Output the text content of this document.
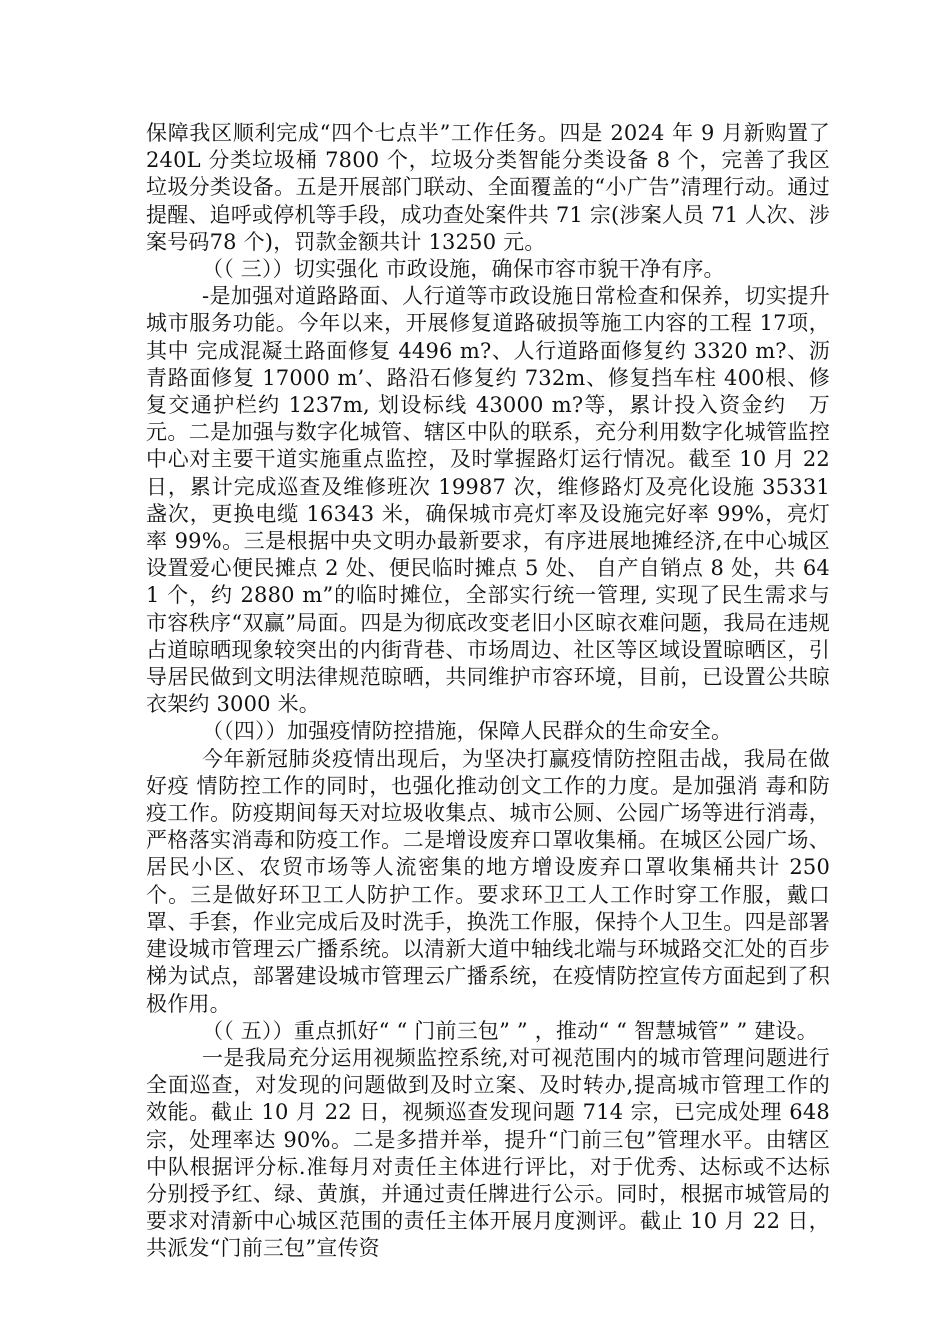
保障我区顺利完成“四个七点半”工作任务。四是 2024 年 9 月新购置了 240L 分类垃圾桶 7800 个，垃圾分类智能分类设备 8 个，完善了我区垃圾分类设备。五是开展部门联动、全面覆盖的“小广告”清理行动。通过提醒、追呼或停机等手段，成功查处案件共 71 宗(涉案人员 71 人次、涉案号码78 个)，罚款金额共计 13250 元。

（（ 三））切实强化 市政设施，确保市容市貌干净有序。

-是加强对道路路面、人行道等市政设施日常检查和保养，切实提升城市服务功能。今年以来，开展修复道路破损等施工内容的工程 17项，其中 完成混凝土路面修复 4496 m?、人行道路面修复约 3320 m?、沥青路面修复 17000 m’、路沿石修复约 732m、修复挡车柱 400根、修复交通护栏约 1237m, 划设标线 43000 m?等，累计投入资金约　万元。二是加强与数字化城管、辖区中队的联系，充分利用数字化城管监控中心对主要干道实施重点监控，及时掌握路灯运行情况。截至 10 月 22 日，累计完成巡查及维修班次 19987 次，维修路灯及亮化设施 35331 盏次，更换电缆 16343 米，确保城市亮灯率及设施完好率 99%，亮灯率 99%。三是根据中央文明办最新要求，有序进展地摊经济,在中心城区设置爱心便民摊点 2 处、便民临时摊点 5 处、 自产自销点 8 处，共 641 个，约 2880 m”的临时摊位，全部实行统一管理, 实现了民生需求与市容秩序“双赢”局面。四是为彻底改变老旧小区晾衣难问题，我局在违规占道晾晒现象较突出的内街背巷、市场周边、社区等区域设置晾晒区，引导居民做到文明法律规范晾晒，共同维护市容环境，目前，已设置公共晾衣架约 3000 米。

（（四））加强疫情防控措施，保障人民群众的生命安全。

今年新冠肺炎疫情出现后，为坚决打赢疫情防控阻击战，我局在做好疫 情防控工作的同时，也强化推动创文工作的力度。是加强消 毒和防疫工作。防疫期间每天对垃圾收集点、城市公厕、公园广场等进行消毒，严格落实消毒和防疫工作。二是增设废弃口罩收集桶。在城区公园广场、居民小区、农贸市场等人流密集的地方增设废弃口罩收集桶共计 250 个。三是做好环卫工人防护工作。要求环卫工人工作时穿工作服，戴口罩、手套，作业完成后及时洗手，换洗工作服，保持个人卫生。四是部署建设城市管理云广播系统。以清新大道中轴线北端与环城路交汇处的百步梯为试点，部署建设城市管理云广播系统，在疫情防控宣传方面起到了积极作用。

（（ 五））重点抓好“ “ 门前三包” ” ，推动“ “ 智慧城管” ” 建设。

一是我局充分运用视频监控系统,对可视范围内的城市管理问题进行全面巡查，对发现的问题做到及时立案、及时转办,提高城市管理工作的效能。截止 10 月 22 日，视频巡查发现问题 714 宗，已完成处理 648 宗，处理率达 90%。二是多措并举，提升“门前三包”管理水平。由辖区中队根据评分标.准每月对责任主体进行评比，对于优秀、达标或不达标分别授予红、绿、黄旗，并通过责任牌进行公示。同时，根据市城管局的要求对清新中心城区范围的责任主体开展月度测评。截止 10 月 22 日，共派发“门前三包”宣传资
